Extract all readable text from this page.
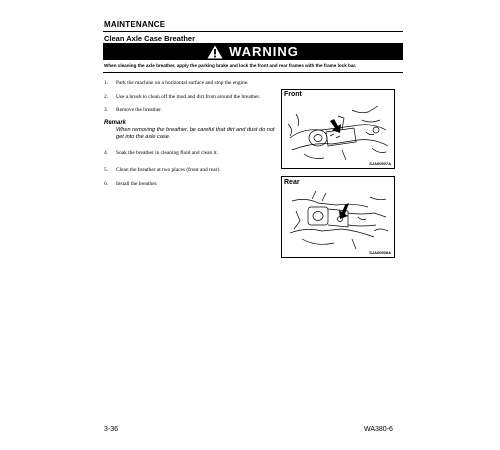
MAINTENANCE
Clean Axle Case Breather
WARNING
When cleaning the axle breather, apply the parking brake and lock the front and rear frames with the frame lock bar.
1. Park the machine on a horizontal surface and stop the engine.
2. Use a brush to clean off the mud and dirt from around the breather.
3. Remove the breather.
4. Soak the breather in cleaning fluid and clean it.
5. Clean the breather at two places (front and rear).
6. Install the breather.
Remark
When removing the breather, be careful that dirt and dust do not get into the axle case.
Front
SJA00907A
Rear
SJA00908A
3-36	WA380-6
